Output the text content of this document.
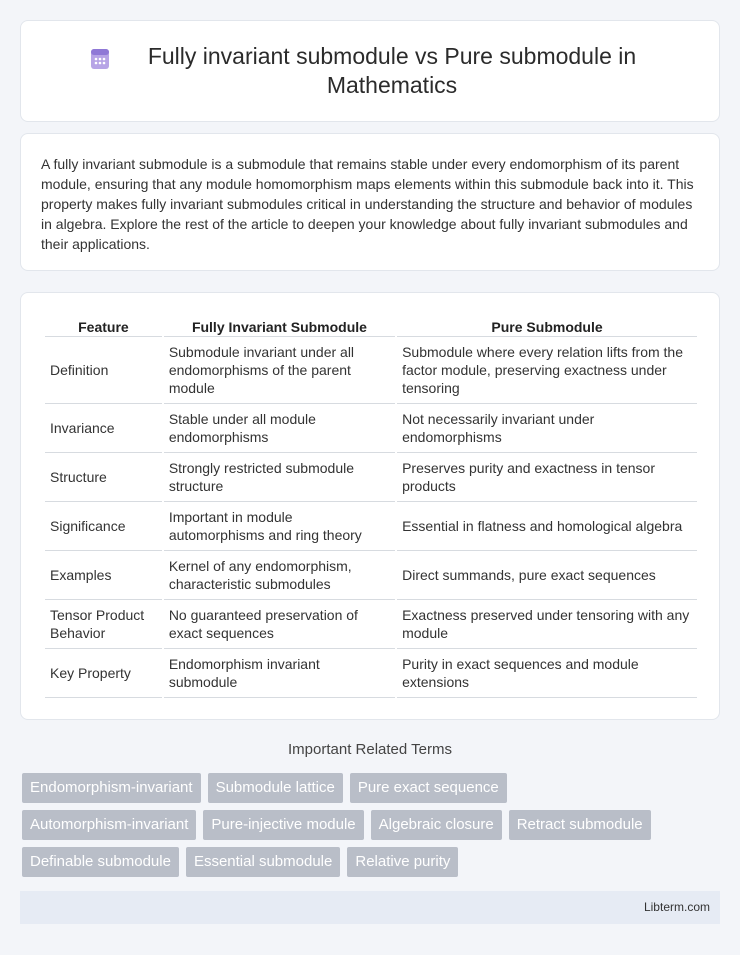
Fully invariant submodule vs Pure submodule in Mathematics

A fully invariant submodule is a submodule that remains stable under every endomorphism of its parent module, ensuring that any module homomorphism maps elements within this submodule back into it. This property makes fully invariant submodules critical in understanding the structure and behavior of modules in algebra. Explore the rest of the article to deepen your knowledge about fully invariant submodules and their applications.

Feature	Fully Invariant Submodule	Pure Submodule
Definition	Submodule invariant under all endomorphisms of the parent module	Submodule where every relation lifts from the factor module, preserving exactness under tensoring
Invariance	Stable under all module endomorphisms	Not necessarily invariant under endomorphisms
Structure	Strongly restricted submodule structure	Preserves purity and exactness in tensor products
Significance	Important in module automorphisms and ring theory	Essential in flatness and homological algebra
Examples	Kernel of any endomorphism, characteristic submodules	Direct summands, pure exact sequences
Tensor Product Behavior	No guaranteed preservation of exact sequences	Exactness preserved under tensoring with any module
Key Property	Endomorphism invariant submodule	Purity in exact sequences and module extensions
Important Related Terms
Endomorphism-invariant	Submodule lattice	Pure exact sequence
Automorphism-invariant	Pure-injective module	Algebraic closure	Retract submodule
Definable submodule	Essential submodule	Relative purity
Libterm.com
